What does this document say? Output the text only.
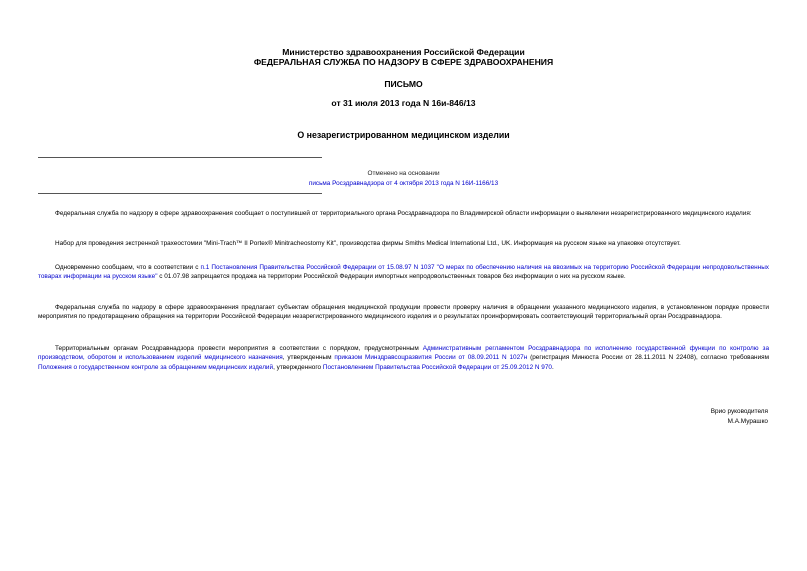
Министерство здравоохранения Российской Федерации
ФЕДЕРАЛЬНАЯ СЛУЖБА ПО НАДЗОРУ В СФЕРЕ ЗДРАВООХРАНЕНИЯ
ПИСЬМО
от 31 июля 2013 года N 16и-846/13
О незарегистрированном медицинском изделии
Отменено на основании
письма Росздравнадзора от 4 октября 2013 года N 16И-1166/13
Федеральная служба по надзору в сфере здравоохранения сообщает о поступившей от территориального органа Росздравнадзора по Владимирской области информации о выявлении незарегистрированного медицинского изделия:
Набор для проведения экстренной трахеостомии "Mini-Trach™ II Portex® Minitracheostomy Kit", производства фирмы Smiths Medical International Ltd., UK. Информация на русском языке на упаковке отсутствует.
Одновременно сообщаем, что в соответствии с п.1 Постановления Правительства Российской Федерации от 15.08.97 N 1037 "О мерах по обеспечению наличия на ввозимых на территорию Российской Федерации непродовольственных товарах информации на русском языке" с 01.07.98 запрещается продажа на территории Российской Федерации импортных непродовольственных товаров без информации о них на русском языке.
Федеральная служба по надзору в сфере здравоохранения предлагает субъектам обращения медицинской продукции провести проверку наличия в обращении указанного медицинского изделия, в установленном порядке провести мероприятия по предотвращению обращения на территории Российской Федерации незарегистрированного медицинского изделия и о результатах проинформировать соответствующий территориальный орган Росздравнадзора.
Территориальным органам Росздравнадзора провести мероприятия в соответствии с порядком, предусмотренным Административным регламентом Росздравнадзора по исполнению государственной функции по контролю за производством, оборотом и использованием изделий медицинского назначения, утвержденным приказом Минздравсоцразвития России от 08.09.2011 N 1027н (регистрация Минюста России от 28.11.2011 N 22408), согласно требованиям Положения о государственном контроле за обращением медицинских изделий, утвержденного Постановлением Правительства Российской Федерации от 25.09.2012 N 970.
Врио руководителя
М.А.Мурашко
